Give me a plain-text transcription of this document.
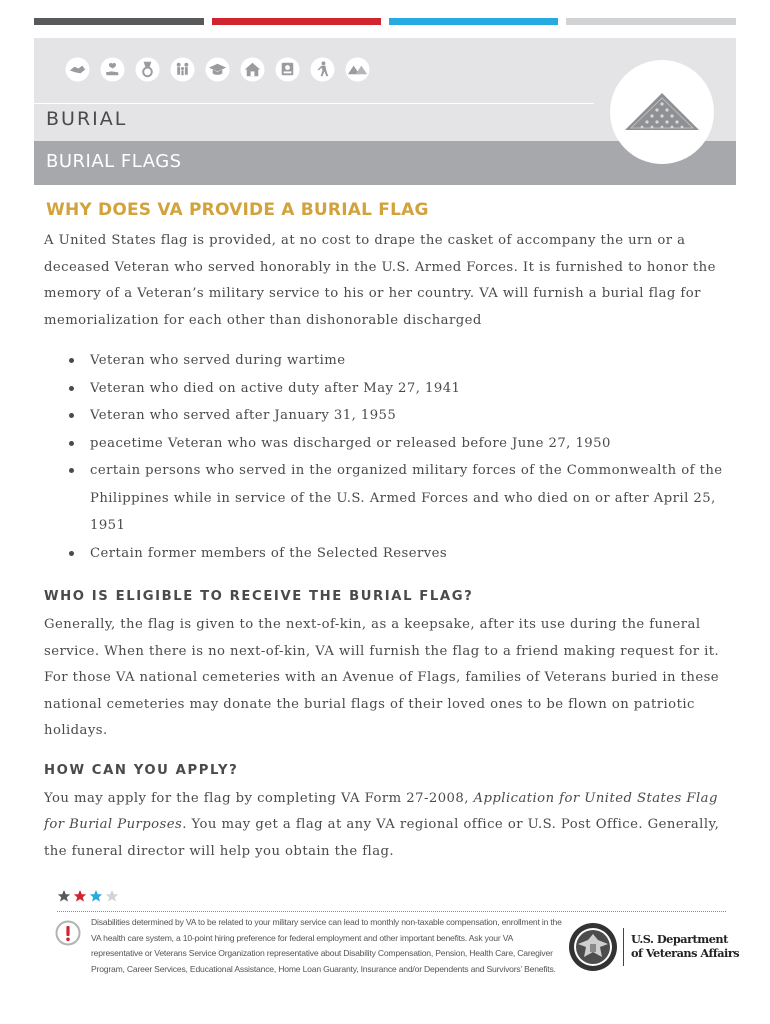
BURIAL
BURIAL FLAGS
WHY DOES VA PROVIDE A BURIAL FLAG

A United States flag is provided, at no cost to drape the casket of accompany the urn or a deceased Veteran who served honorably in the U.S. Armed Forces. It is furnished to honor the memory of a Veteran’s military service to his or her country. VA will furnish a burial flag for memorialization for each other than dishonorable discharged

Veteran who served during wartime
Veteran who died on active duty after May 27, 1941
Veteran who served after January 31, 1955
peacetime Veteran who was discharged or released before June 27, 1950
certain persons who served in the organized military forces of the Commonwealth of the Philippines while in service of the U.S. Armed Forces and who died on or after April 25, 1951
Certain former members of the Selected Reserves
WHO IS ELIGIBLE TO RECEIVE THE BURIAL FLAG?

Generally, the flag is given to the next-of-kin, as a keepsake, after its use during the funeral service. When there is no next-of-kin, VA will furnish the flag to a friend making request for it. For those VA national cemeteries with an Avenue of Flags, families of Veterans buried in these national cemeteries may donate the burial flags of their loved ones to be flown on patriotic holidays.

HOW CAN YOU APPLY?

You may apply for the flag by completing VA Form 27-2008, Application for United States Flag for Burial Purposes. You may get a flag at any VA regional office or U.S. Post Office. Generally, the funeral director will help you obtain the flag.

Disabilities determined by VA to be related to your military service can lead to monthly non-taxable compensation, enrollment in the VA health care system, a 10-point hiring preference for federal employment and other important benefits. Ask your VA representative or Veterans Service Organization representative about Disability Compensation, Pension, Health Care, Caregiver Program, Career Services, Educational Assistance, Home Loan Guaranty, Insurance and/or Dependents and Survivors’ Benefits.
U.S. Department
of Veterans Affairs
